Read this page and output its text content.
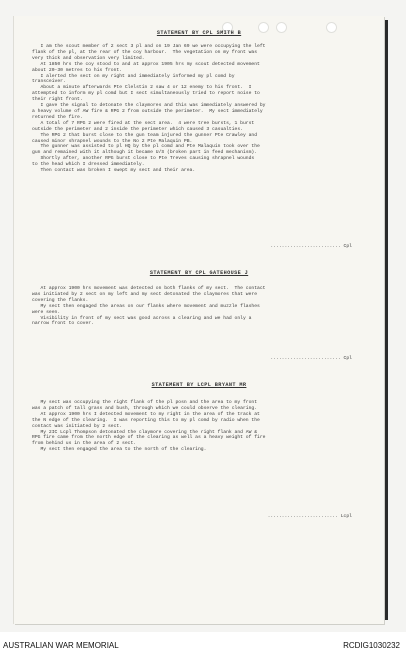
STATEMENT BY CPL SMITH B
I am the scout member of 2 sect 3 pl and on 19 Jan 69 we were occupying the left
flank of the pl, at the rear of the coy harbour.  The vegetation on my front was
very thick and observation very limited.
At 1850 hrs the coy stood to and at approx 1905 hrs my scout detected movement
about 20-30 metres to his front.
I alerted the sect on my right and immediately informed my pl comd by
transceiver.
About a minute afterwards Pte Clelstin 2 saw 4 or 12 enemy to his front.  I
attempted to inform my pl comd but I sect simultaneously tried to report noise to
their right front.
I gave the signal to detonate the claymores and this was immediately answered by
a heavy volume of AW fire & RPG 2 from outside the perimeter.  My sect immediately
returned the fire.
A total of 7 RPG 2 were fired at the sect area.  4 were tree bursts, 1 burst
outside the perimeter and 2 inside the perimeter which caused 3 casualties.
The RPG 2 that burst close to the gun team injured the gunner Pte Crawley and
caused minor shrapnel wounds to the No 2 Pte Malaquin PB.
The gunner was assisted to pl HQ by the pl comd and Pte Malaquin took over the
gun and remained with it although it became U/S (broken part in feed mechanism).
Shortly after, another RPG burst close to Pte Treves causing shrapnel wounds
to the head which I dressed immediately.
Then contact was broken I swept my sect and their area.
......................... Cpl
STATEMENT BY CPL GATEHOUSE J
At approx 1900 hrs movement was detected on both flanks of my sect.  The contact
was initiated by 2 sect on my left and my sect detonated the claymores that were
covering the flanks.
My sect then engaged the areas on our flanks where movement and muzzle flashes
were seen.
Visibility in front of my sect was good across a clearing and we had only a
narrow front to cover.
......................... Cpl
STATEMENT BY LCPL BRYANT MR
My sect was occupying the right flank of the pl posn and the area to my front
was a patch of tall grass and bush, through which we could observe the clearing.
At approx 1900 hrs I detected movement to my right in the area of the track at
the N edge of the clearing.  I was reporting this to my pl comd by radio when the
contact was initiated by 2 sect.
My 2IC Lcpl Thompson detonated the claymore covering the right flank and AW &
RPG fire came from the north edge of the clearing as well as a heavy weight of fire
from behind us in the area of 2 sect.
My sect then engaged the area to the north of the clearing.
......................... Lcpl
AUSTRALIAN WAR MEMORIAL	RCDIG1030232
